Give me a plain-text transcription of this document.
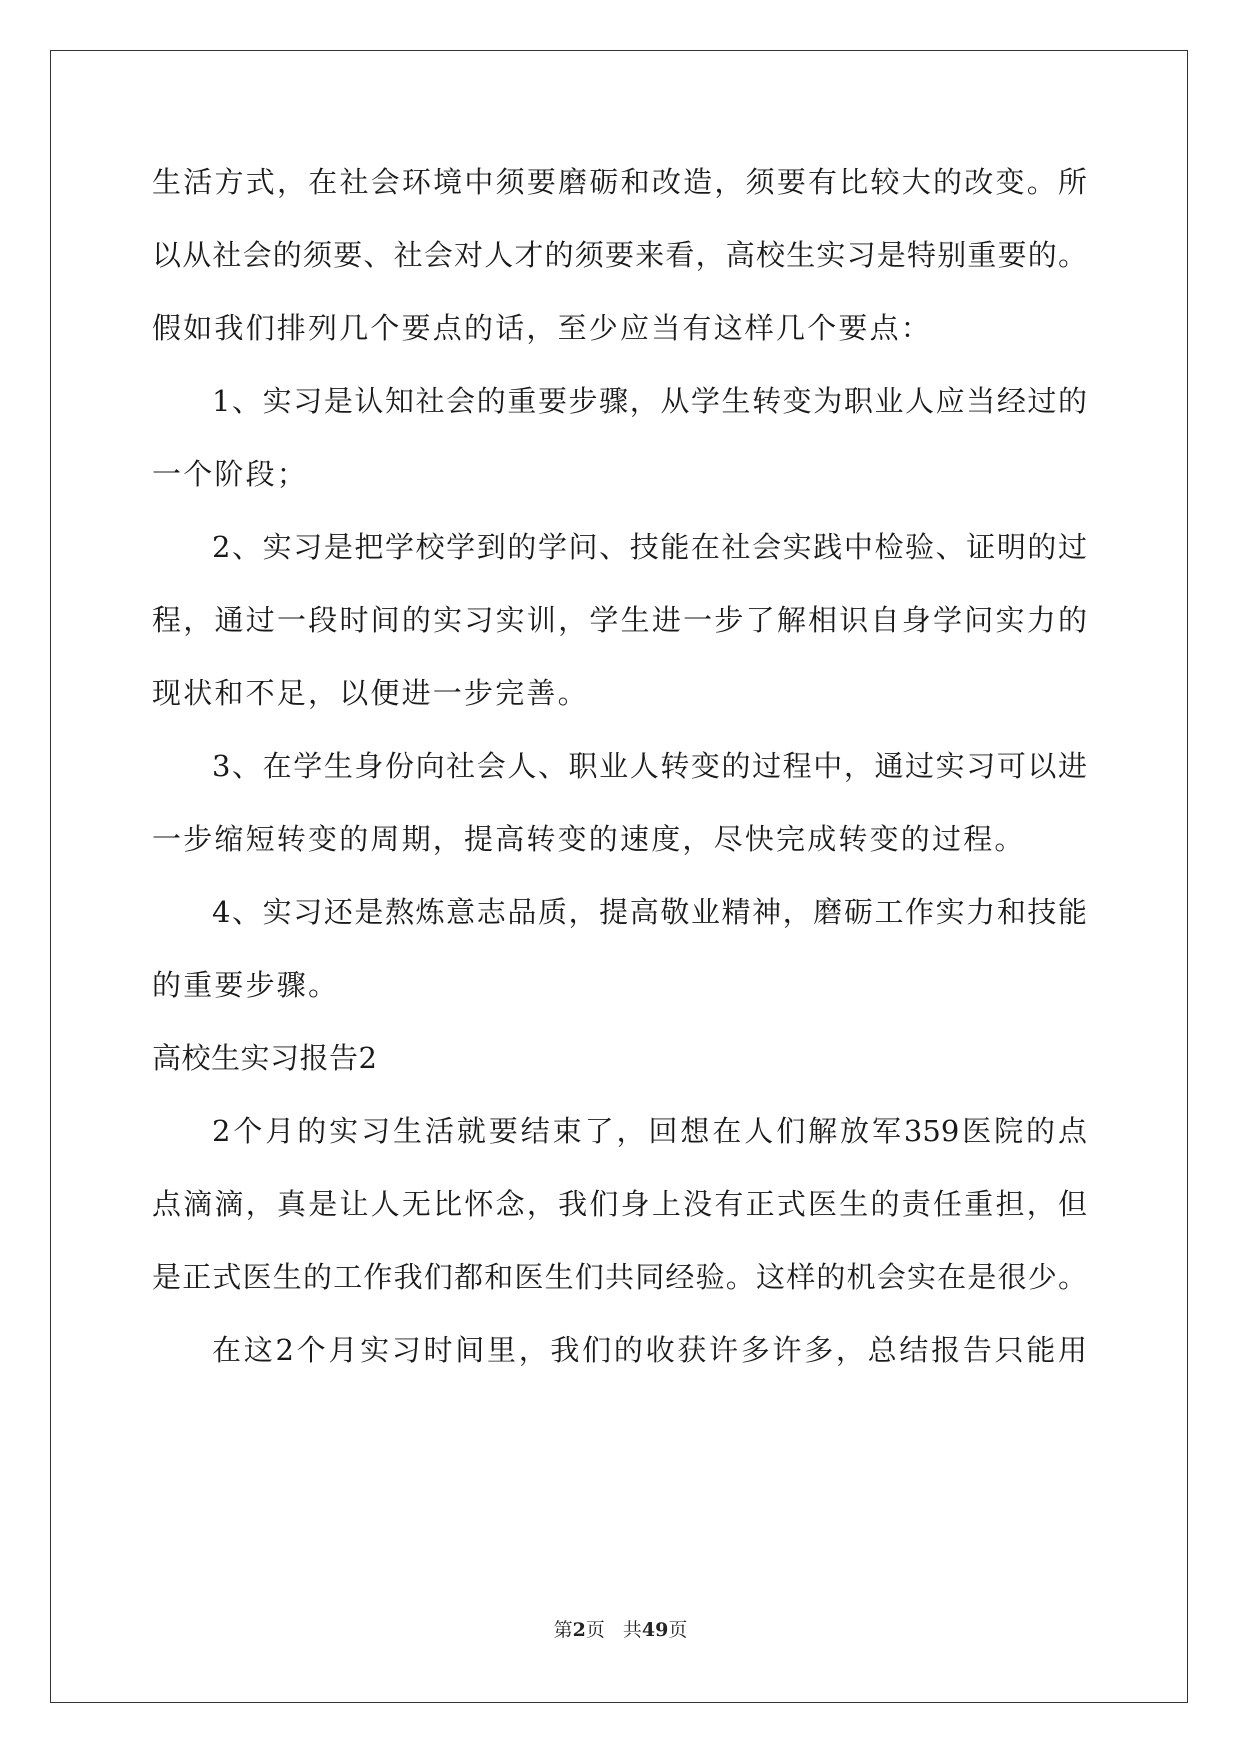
生活方式，在社会环境中须要磨砺和改造，须要有比较大的改变。所
以从社会的须要、社会对人才的须要来看，高校生实习是特别重要的。
假如我们排列几个要点的话，至少应当有这样几个要点：
1、实习是认知社会的重要步骤，从学生转变为职业人应当经过的
一个阶段；
2、实习是把学校学到的学问、技能在社会实践中检验、证明的过
程，通过一段时间的实习实训，学生进一步了解相识自身学问实力的
现状和不足，以便进一步完善。
3、在学生身份向社会人、职业人转变的过程中，通过实习可以进
一步缩短转变的周期，提高转变的速度，尽快完成转变的过程。
4、实习还是熬炼意志品质，提高敬业精神，磨砺工作实力和技能
的重要步骤。
高校生实习报告2
2个月的实习生活就要结束了，回想在人们解放军359医院的点
点滴滴，真是让人无比怀念，我们身上没有正式医生的责任重担，但
是正式医生的工作我们都和医生们共同经验。这样的机会实在是很少。
在这2个月实习时间里，我们的收获许多许多，总结报告只能用
第2页 共49页
